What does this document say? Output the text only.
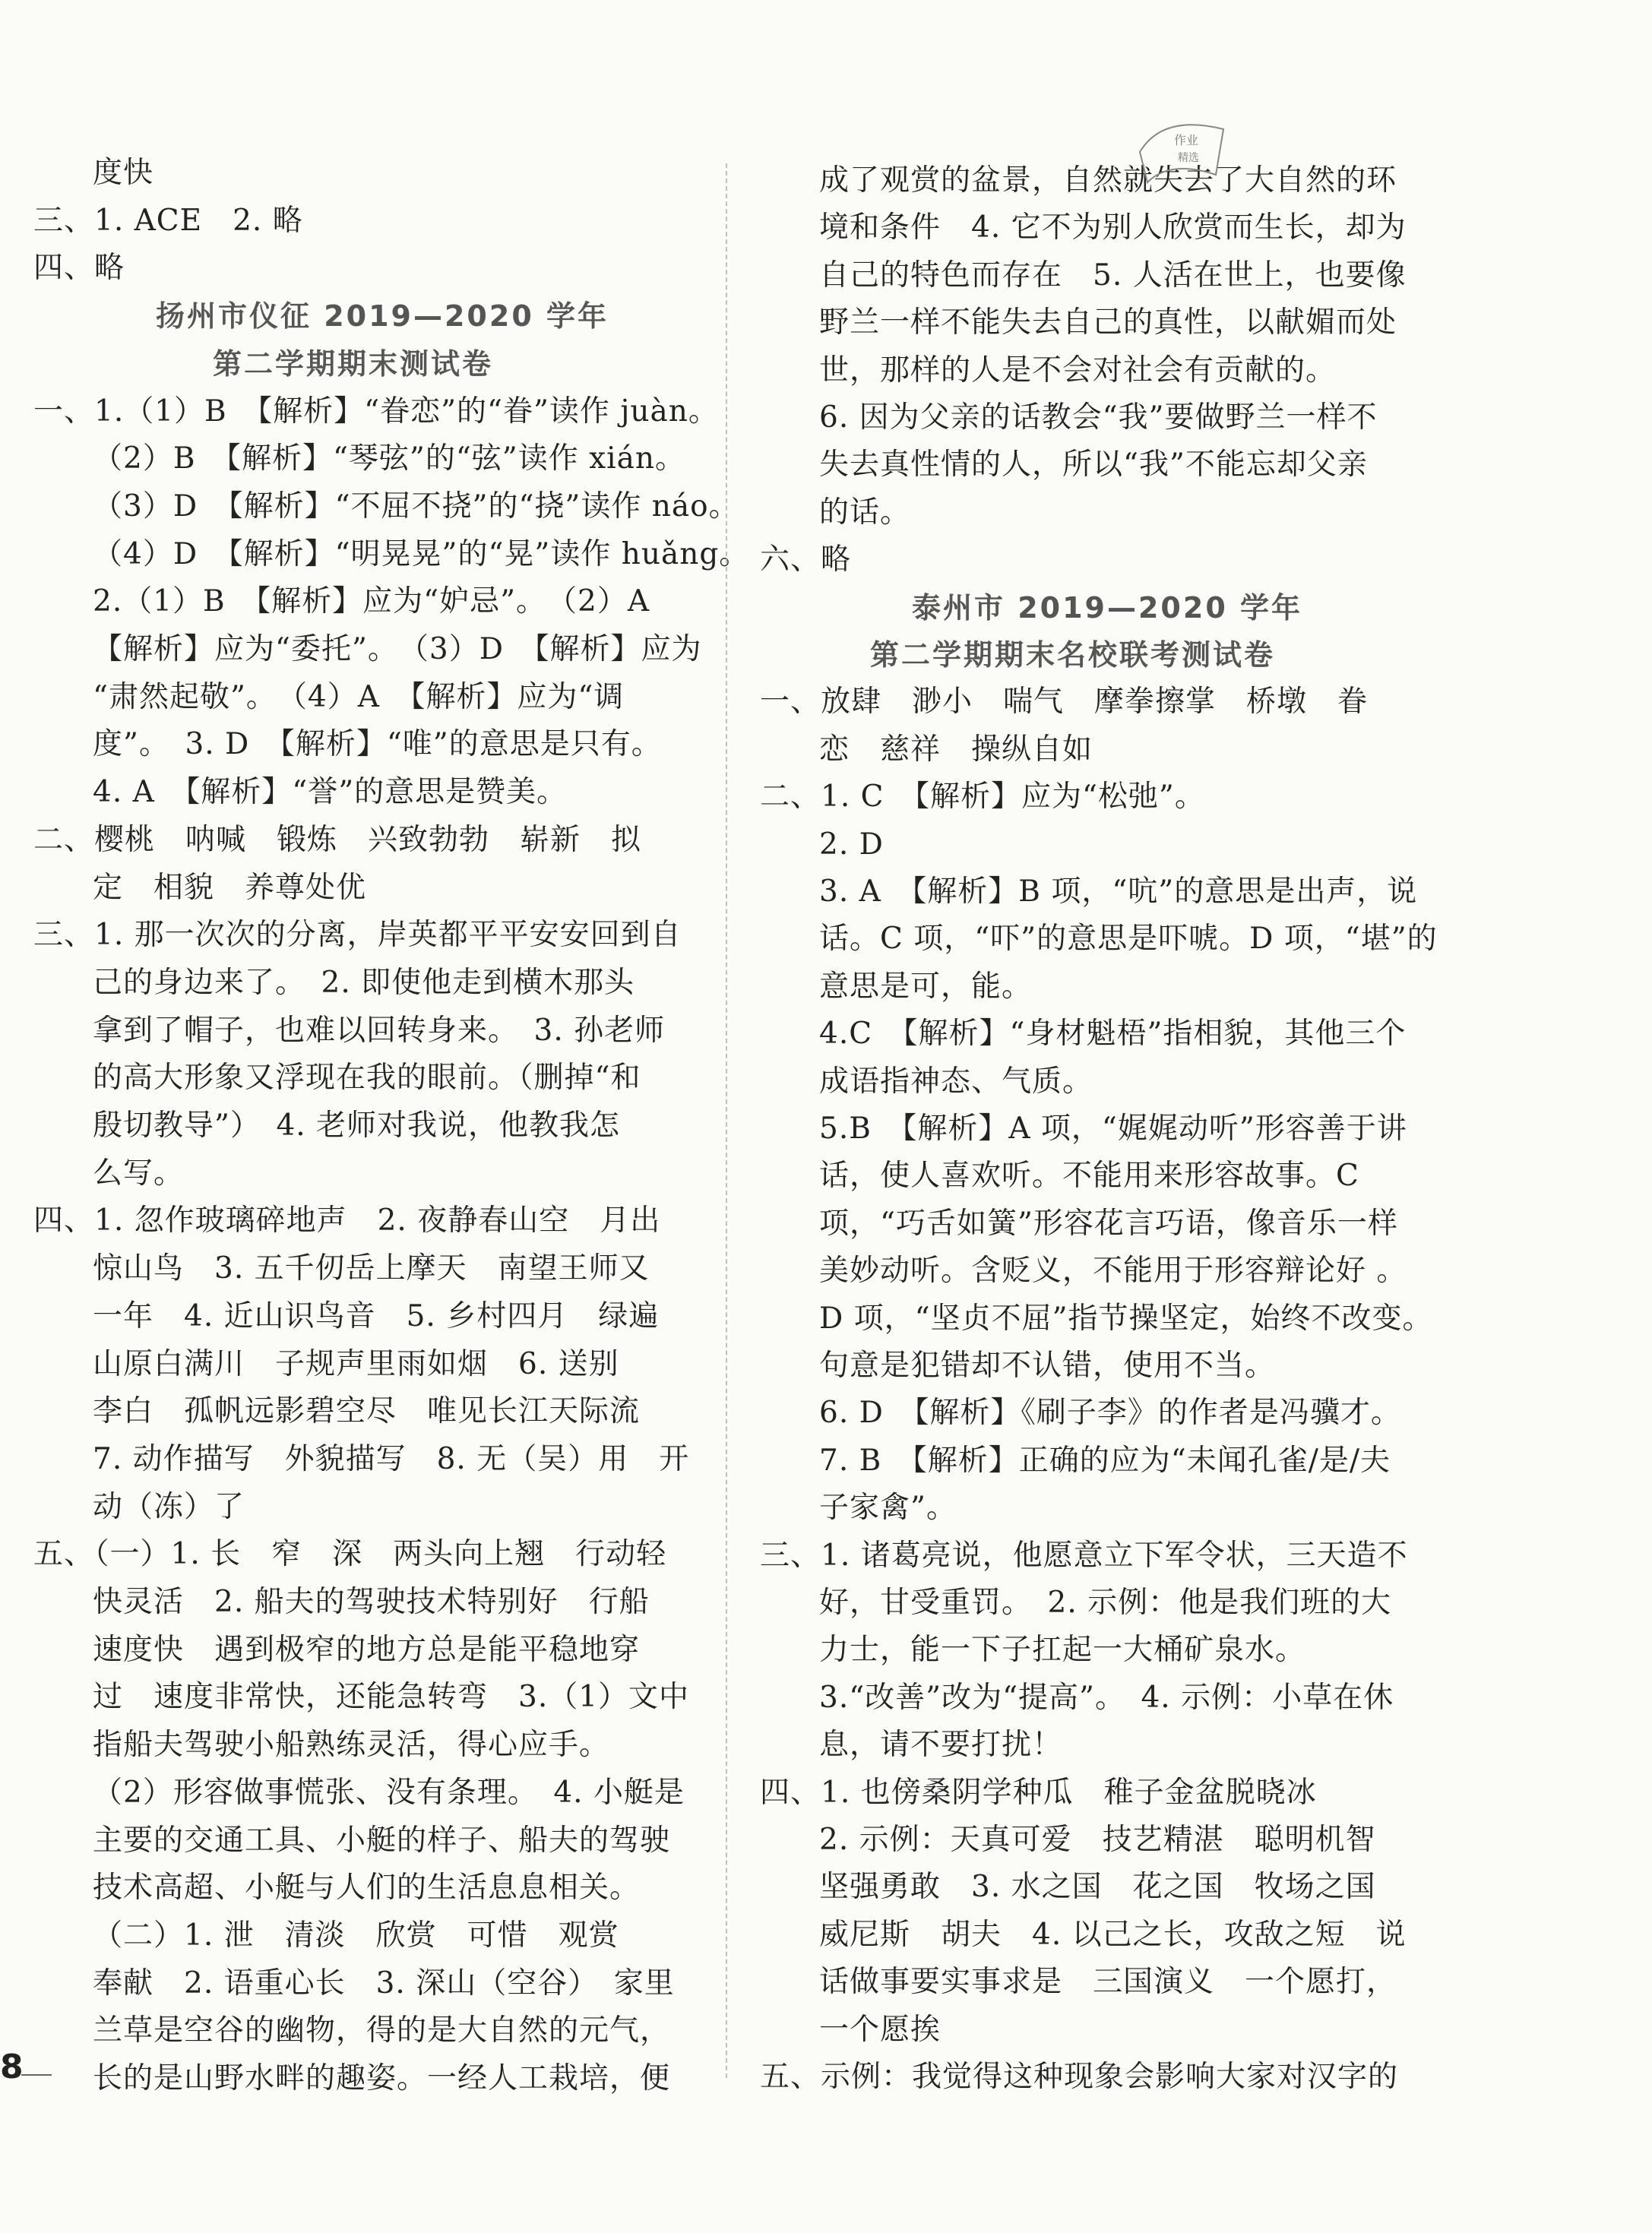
度快
三、1. ACE　2. 略
四、略
扬州市仪征 2019—2020 学年
第二学期期末测试卷
一、1.（1）B　【解析】“眷恋”的“眷”读作 juàn。
（2）B　【解析】“琴弦”的“弦”读作 xián。
（3）D　【解析】“不屈不挠”的“挠”读作 náo。
（4）D　【解析】“明晃晃”的“晃”读作 huǎng。
2.（1）B　【解析】应为“妒忌”。　（2）A
【解析】应为“委托”。　（3）D　【解析】应为
“肃然起敬”。　（4）A　【解析】应为“调
度”。　3. D　【解析】“唯”的意思是只有。
4. A　【解析】“誉”的意思是赞美。
二、樱桃　呐喊　锻炼　兴致勃勃　崭新　拟
定　相貌　养尊处优
三、1. 那一次次的分离，岸英都平平安安回到自
己的身边来了。　2. 即使他走到横木那头
拿到了帽子，也难以回转身来。　3. 孙老师
的高大形象又浮现在我的眼前。（删掉“和
殷切教导”）　4. 老师对我说，他教我怎
么写。
四、1. 忽作玻璃碎地声　2. 夜静春山空　月出
惊山鸟　3. 五千仞岳上摩天　南望王师又
一年　4. 近山识鸟音　5. 乡村四月　绿遍
山原白满川　子规声里雨如烟　6. 送别
李白　孤帆远影碧空尽　唯见长江天际流
7. 动作描写　外貌描写　8. 无（吴）用　开
动（冻）了
五、（一）1. 长　窄　深　两头向上翘　行动轻
快灵活　2. 船夫的驾驶技术特别好　行船
速度快　遇到极窄的地方总是能平稳地穿
过　速度非常快，还能急转弯　3.（1）文中
指船夫驾驶小船熟练灵活，得心应手。
（2）形容做事慌张、没有条理。　4. 小艇是
主要的交通工具、小艇的样子、船夫的驾驶
技术高超、小艇与人们的生活息息相关。
（二）1. 泄　清淡　欣赏　可惜　观赏
奉献　2. 语重心长　3. 深山（空谷）　家里
兰草是空谷的幽物，得的是大自然的元气，
长的是山野水畔的趣姿。一经人工栽培，便
成了观赏的盆景，自然就失去了大自然的环
境和条件　4. 它不为别人欣赏而生长，却为
自己的特色而存在　5. 人活在世上，也要像
野兰一样不能失去自己的真性，以献媚而处
世，那样的人是不会对社会有贡献的。
6. 因为父亲的话教会“我”要做野兰一样不
失去真性情的人，所以“我”不能忘却父亲
的话。
六、略
泰州市 2019—2020 学年
第二学期期末名校联考测试卷
一、放肆　渺小　喘气　摩拳擦掌　桥墩　眷
恋　慈祥　操纵自如
二、1. C　【解析】应为“松弛”。
2. D
3. A　【解析】B 项，“吭”的意思是出声，说
话。C 项，“吓”的意思是吓唬。D 项，“堪”的
意思是可，能。
4.C　【解析】“身材魁梧”指相貌，其他三个
成语指神态、气质。
5.B　【解析】A 项，“娓娓动听”形容善于讲
话，使人喜欢听。不能用来形容故事。C
项，“巧舌如簧”形容花言巧语，像音乐一样
美妙动听。含贬义，不能用于形容辩论好 。
D 项，“坚贞不屈”指节操坚定，始终不改变。
句意是犯错却不认错，使用不当。
6. D　【解析】《刷子李》的作者是冯骥才。
7. B　【解析】正确的应为“未闻孔雀/是/夫
子家禽”。
三、1. 诸葛亮说，他愿意立下军令状，三天造不
好，甘受重罚。　2. 示例：他是我们班的大
力士，能一下子扛起一大桶矿泉水。
3.“改善”改为“提高”。　4. 示例：小草在休
息，请不要打扰！
四、1. 也傍桑阴学种瓜　稚子金盆脱晓冰
2. 示例：天真可爱　技艺精湛　聪明机智
坚强勇敢　3. 水之国　花之国　牧场之国
威尼斯　胡夫　4. 以己之长，攻敌之短　说
话做事要实事求是　三国演义　一个愿打，
一个愿挨
五、示例：我觉得这种现象会影响大家对汉字的
作业
精选
8
